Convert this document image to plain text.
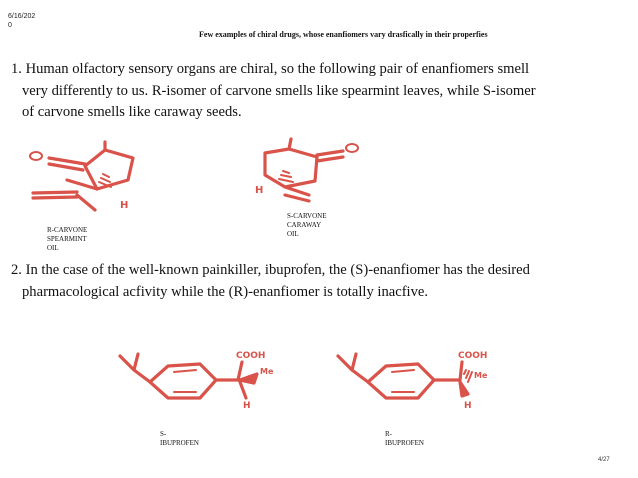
6/16/202
0
Few examples of chiral drugs, whose enanfiomers vary drasfically in their properfies
1. Human olfactory sensory organs are chiral, so the following pair of enanfiomers smell
very differently to us. R-isomer of carvone smells like spearmint leaves, while S-isomer
of carvone smells like caraway seeds.
H
H
R-CARVONE
SPEARMINT
OIL
S-CARVONE
CARAWAY
OIL
2. In the case of the well-known painkiller, ibuprofen, the (S)-enanfiomer has the desired
pharmacological acfivity while the (R)-enanfiomer is totally inacfive.
COOH
Me
H
COOH
Me
H
S-
IBUPROFEN
R-
IBUPROFEN
4/27
